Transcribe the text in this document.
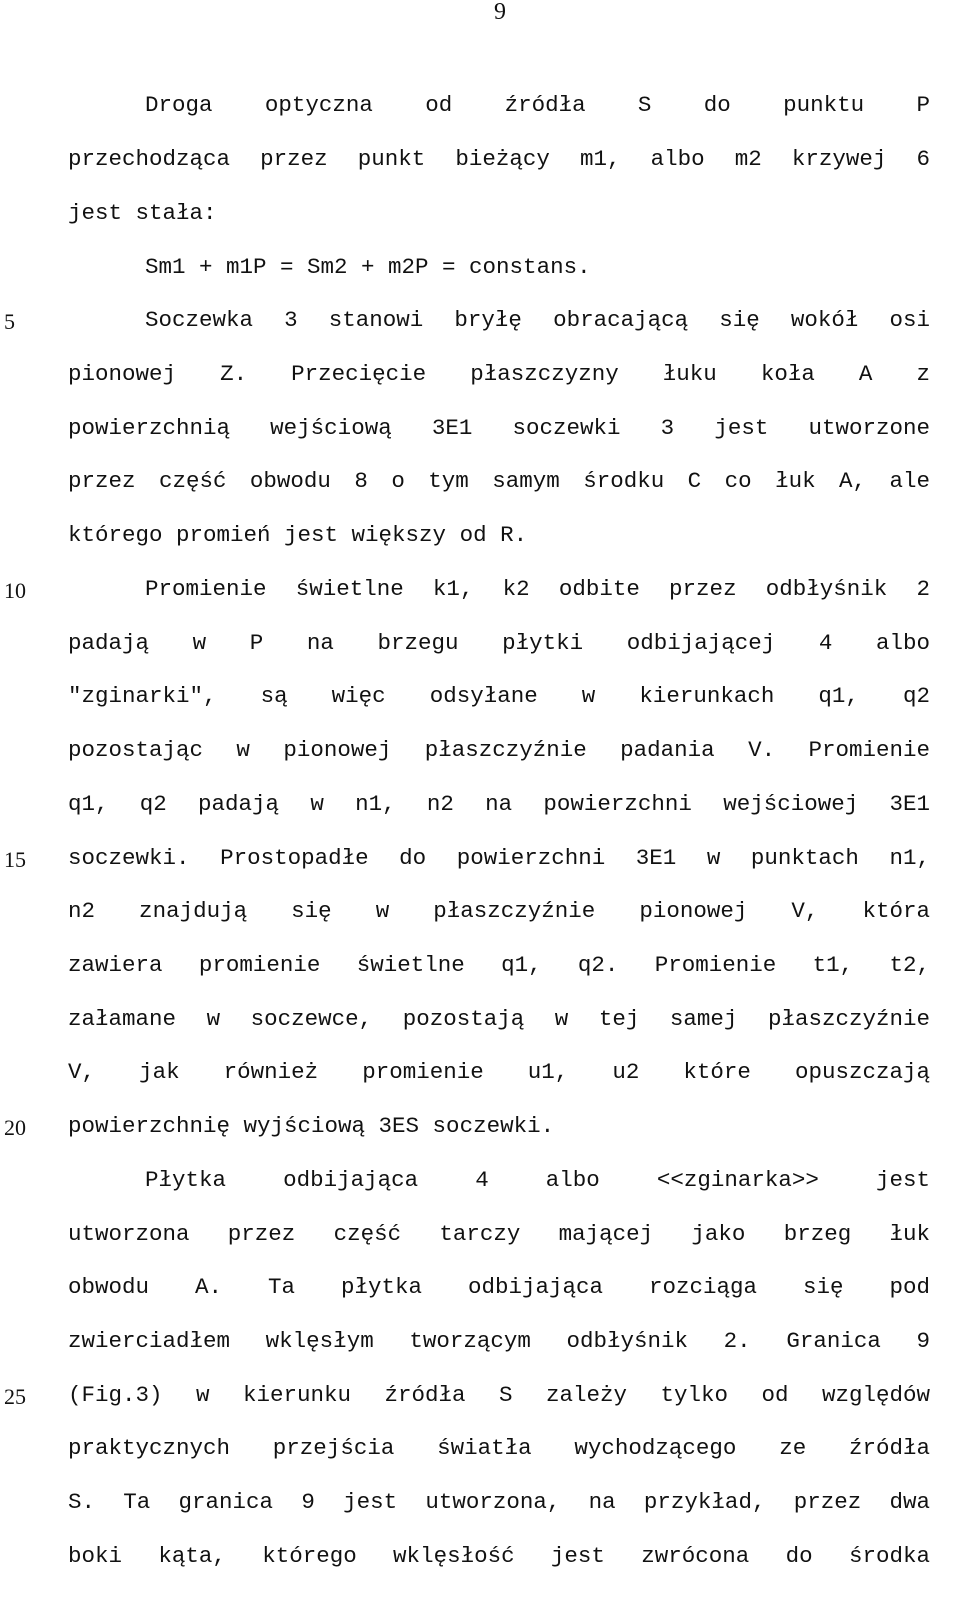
9
5
10
15
20
25
Droga optyczna od źródła S do punktu P
przechodząca przez punkt bieżący m1, albo m2 krzywej 6
jest stała:
Sm1 + m1P = Sm2 + m2P = constans.
Soczewka 3 stanowi bryłę obracającą się wokół osi
pionowej Z. Przecięcie płaszczyzny łuku koła A z
powierzchnią wejściową 3E1 soczewki 3 jest utworzone
przez część obwodu 8 o tym samym środku C co łuk A, ale
którego promień jest większy od R.
Promienie świetlne k1, k2 odbite przez odbłyśnik 2
padają w P na brzegu płytki odbijającej 4 albo
"zginarki", są więc odsyłane w kierunkach q1, q2
pozostając w pionowej płaszczyźnie padania V. Promienie
q1, q2 padają w n1, n2 na powierzchni wejściowej 3E1
soczewki. Prostopadłe do powierzchni 3E1 w punktach n1,
n2 znajdują się w płaszczyźnie pionowej V, która
zawiera promienie świetlne q1, q2. Promienie t1, t2,
załamane w soczewce, pozostają w tej samej płaszczyźnie
V, jak również promienie u1, u2 które opuszczają
powierzchnię wyjściową 3ES soczewki.
Płytka odbijająca 4 albo <<zginarka>> jest
utworzona przez część tarczy mającej jako brzeg łuk
obwodu A. Ta płytka odbijająca rozciąga się pod
zwierciadłem wklęsłym tworzącym odbłyśnik 2. Granica 9
(Fig.3) w kierunku źródła S zależy tylko od względów
praktycznych przejścia światła wychodzącego ze źródła
S. Ta granica 9 jest utworzona, na przykład, przez dwa
boki kąta, którego wklęsłość jest zwrócona do środka
